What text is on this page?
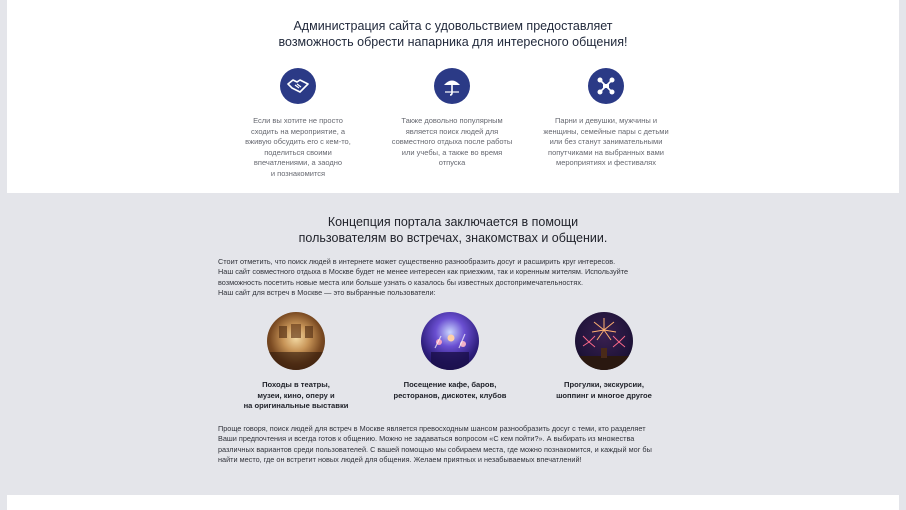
Администрация сайта с удовольствием предоставляет
возможность обрести напарника для интересного общения!
Если вы хотите не просто
сходить на мероприятие, а
вживую обсудить его с кем-то,
поделиться своими
впечатлениями, а заодно
и познакомится
Также довольно популярным
является поиск людей для
совместного отдыха после работы
или учебы, а также во время
отпуска
Парни и девушки, мужчины и
женщины, семейные пары с детьми
или без станут занимательными
попутчиками на выбранных вами
мероприятиях и фестивалях
Концепция портала заключается в помощи
пользователям во встречах, знакомствах и общении.
Стоит отметить, что поиск людей в интернете может существенно разнообразить досуг и расширить круг интересов.
Наш сайт совместного отдыха в Москве будет не менее интересен как приезжим, так и коренным жителям. Используйте
возможность посетить новые места или больше узнать о казалось бы известных достопримечательностях.
Наш сайт для встреч в Москве — это выбранные пользователи:
Походы в театры,
музеи, кино, оперу и
на оригинальные выставки
Посещение кафе, баров,
ресторанов, дискотек, клубов
Прогулки, экскурсии,
шоппинг и многое другое
Проще говоря, поиск людей для встреч в Москве является превосходным шансом разнообразить досуг с теми, кто разделяет
Ваши предпочтения и всегда готов к общению. Можно не задаваться вопросом «С кем пойти?». А выбирать из множества
различных вариантов среди пользователей. С вашей помощью мы собираем места, где можно познакомится, и каждый мог бы
найти место, где он встретит новых людей для общения. Желаем приятных и незабываемых впечатлений!
